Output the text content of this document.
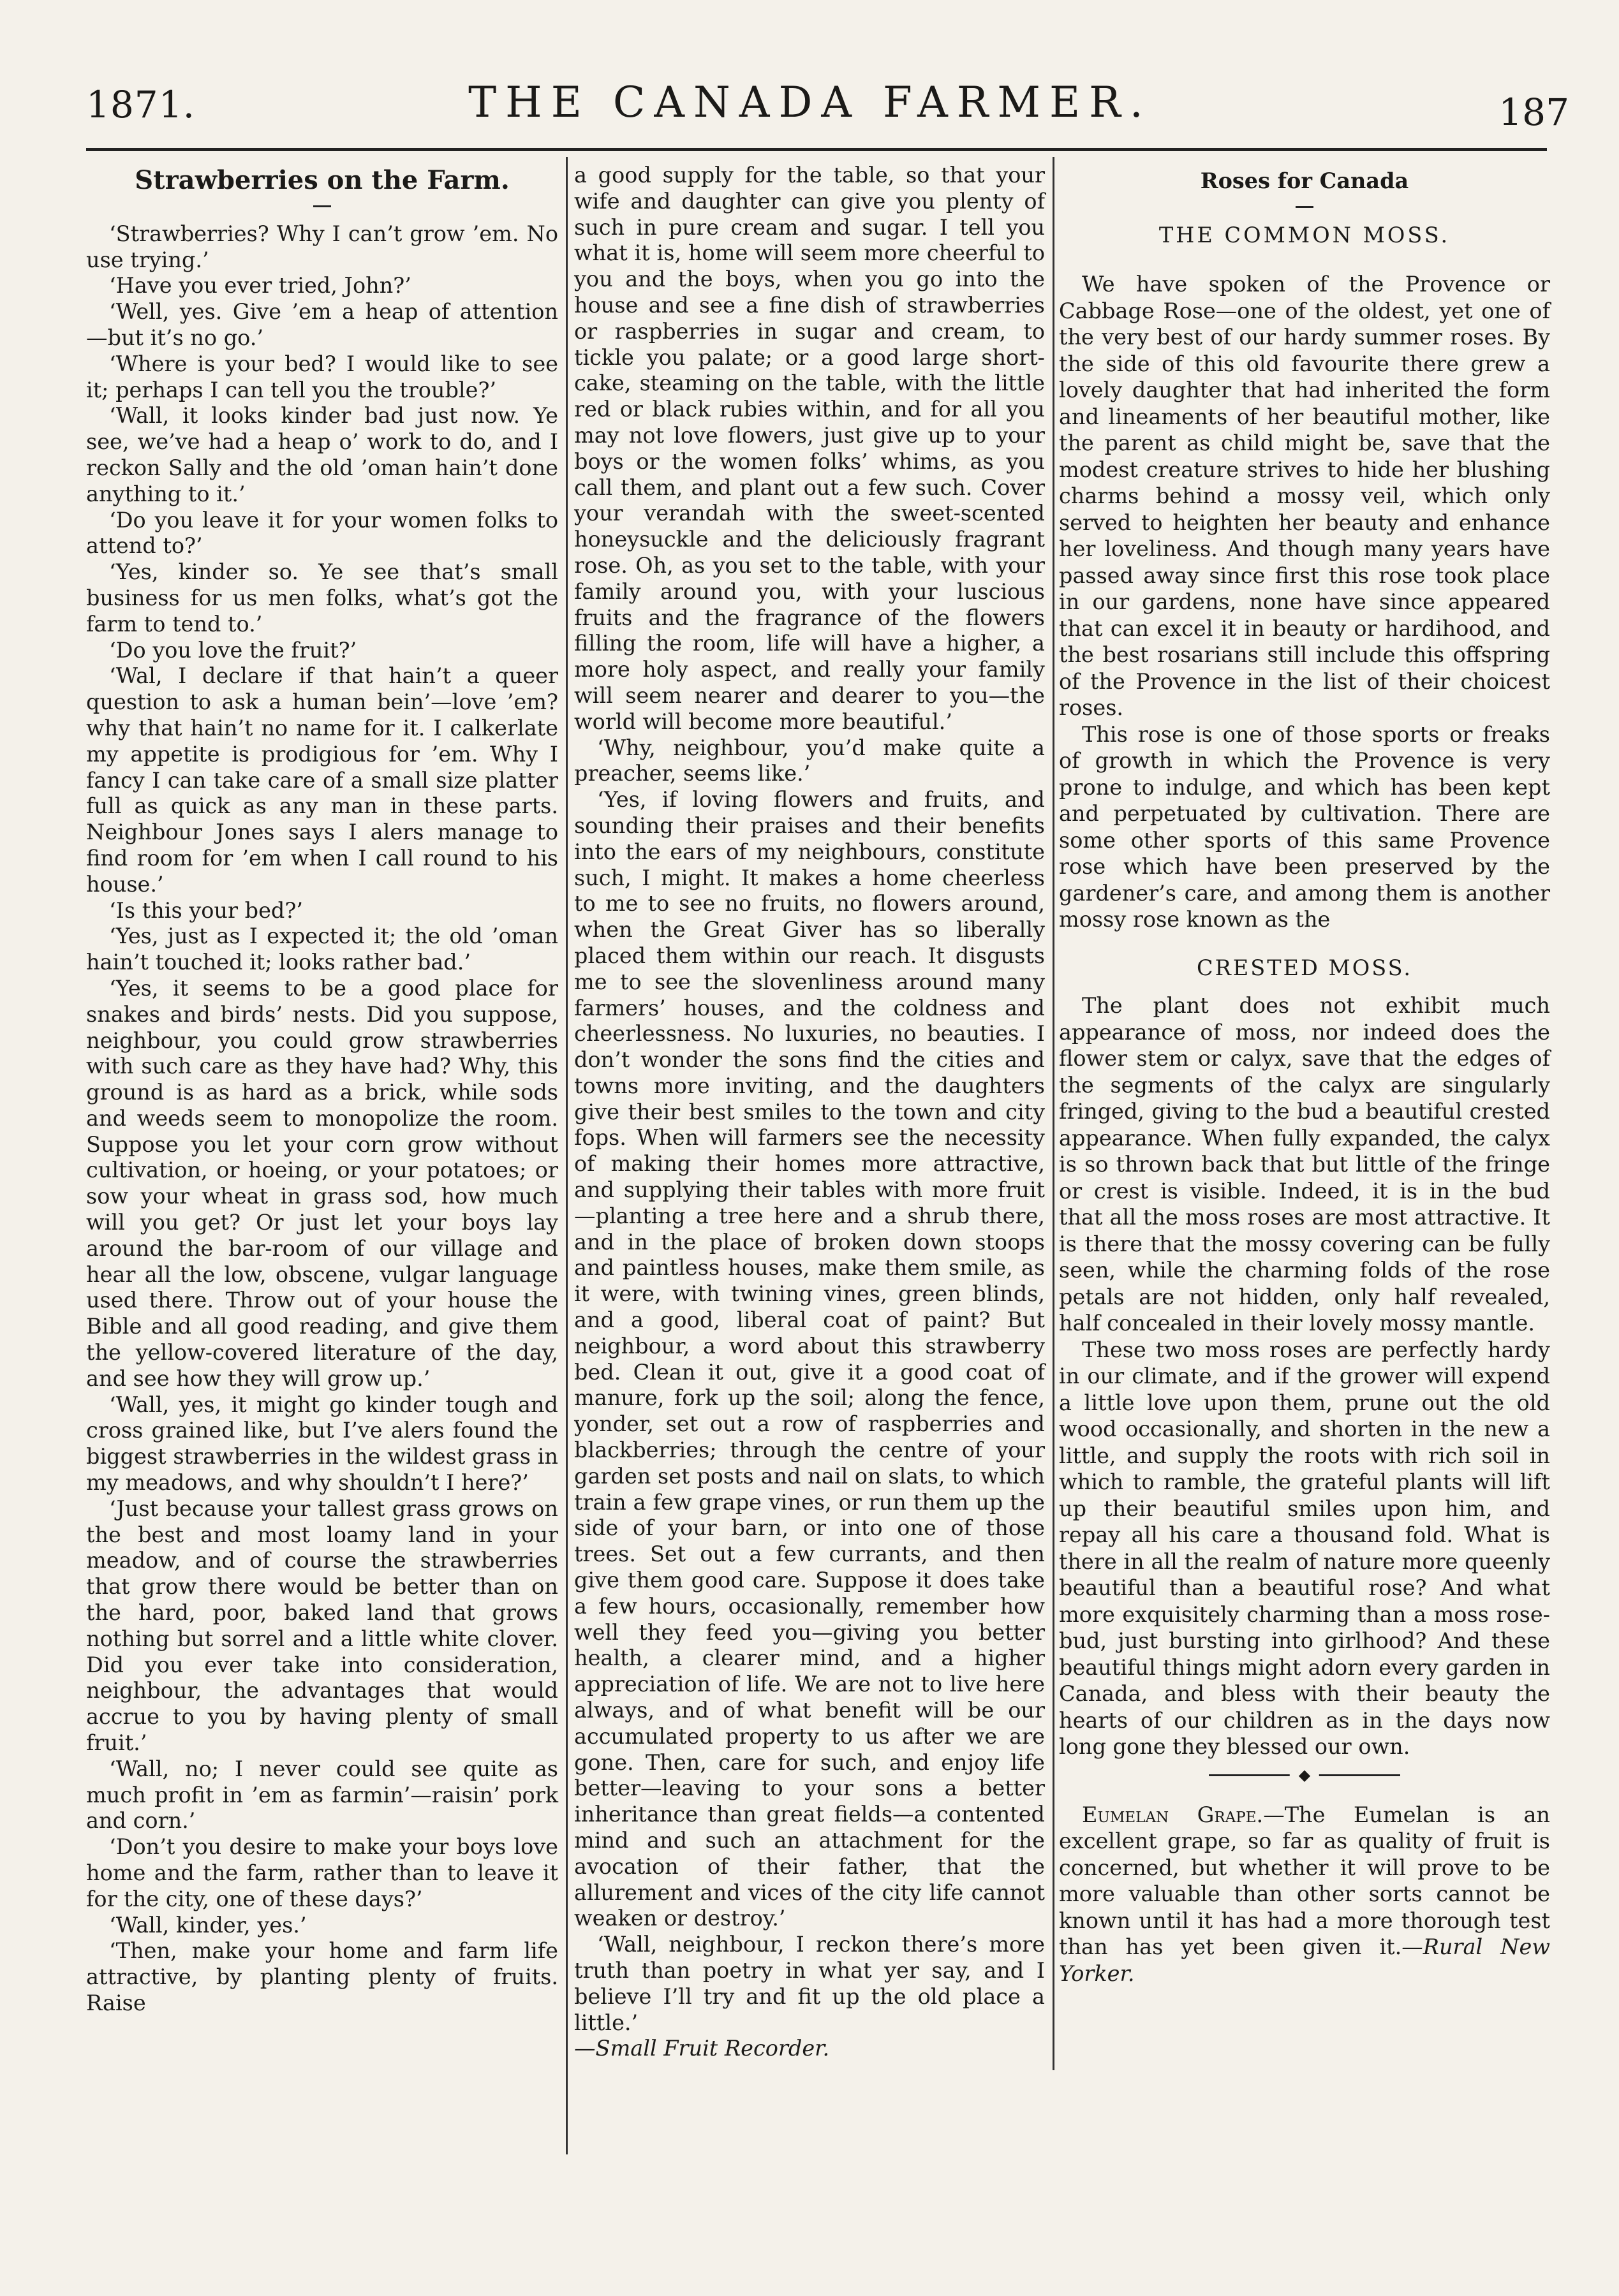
1871.	THE CANADA FARMER.	187

Strawberries on the Farm.

‘Strawberries? Why I can’t grow ’em. No use trying.’

‘Have you ever tried, John?’

‘Well, yes. Give ’em a heap of attention —but it’s no go.’

‘Where is your bed? I would like to see it; perhaps I can tell you the trouble?’

‘Wall, it looks kinder bad just now. Ye see, we’ve had a heap o’ work to do, and I reckon Sally and the old ’oman hain’t done anything to it.’

‘Do you leave it for your women folks to attend to?’

‘Yes, kinder so. Ye see that’s small business for us men folks, what’s got the farm to tend to.’

‘Do you love the fruit?’

‘Wal, I declare if that hain’t a queer question to ask a human bein’—love ’em? why that hain’t no name for it. I calkerlate my appetite is prodigious for ’em. Why I fancy I can take care of a small size platter full as quick as any man in these parts. Neighbour Jones says I alers manage to find room for ’em when I call round to his house.’

‘Is this your bed?’

‘Yes, just as I expected it; the old ’oman hain’t touched it; looks rather bad.’

‘Yes, it seems to be a good place for snakes and birds’ nests. Did you suppose, neighbour, you could grow strawberries with such care as they have had? Why, this ground is as hard as a brick, while sods and weeds seem to monopolize the room. Suppose you let your corn grow without cultivation, or hoeing, or your potatoes; or sow your wheat in grass sod, how much will you get? Or just let your boys lay around the bar-room of our village and hear all the low, obscene, vulgar language used there. Throw out of your house the Bible and all good reading, and give them the yellow-covered literature of the day, and see how they will grow up.’

‘Wall, yes, it might go kinder tough and cross grained like, but I’ve alers found the biggest strawberries in the wildest grass in my meadows, and why shouldn’t I here?’

‘Just because your tallest grass grows on the best and most loamy land in your meadow, and of course the strawberries that grow there would be better than on the hard, poor, baked land that grows nothing but sorrel and a little white clover. Did you ever take into consideration, neighbour, the advantages that would accrue to you by having plenty of small fruit.’

‘Wall, no; I never could see quite as much profit in ’em as farmin’—raisin’ pork and corn.’

‘Don’t you desire to make your boys love home and the farm, rather than to leave it for the city, one of these days?’

‘Wall, kinder, yes.’

‘Then, make your home and farm life attractive, by planting plenty of fruits. Raise

a good supply for the table, so that your wife and daughter can give you plenty of such in pure cream and sugar. I tell you what it is, home will seem more cheerful to you and the boys, when you go into the house and see a fine dish of strawberries or raspberries in sugar and cream, to tickle you palate; or a good large short-cake, steaming on the table, with the little red or black rubies within, and for all you may not love flowers, just give up to your boys or the women folks’ whims, as you call them, and plant out a few such. Cover your verandah with the sweet-scented honeysuckle and the deliciously fragrant rose. Oh, as you set to the table, with your family around you, with your luscious fruits and the fragrance of the flowers filling the room, life will have a higher, a more holy aspect, and really your family will seem nearer and dearer to you—the world will become more beautiful.’

‘Why, neighbour, you’d make quite a preacher, seems like.’

‘Yes, if loving flowers and fruits, and sounding their praises and their benefits into the ears of my neighbours, constitute such, I might. It makes a home cheerless to me to see no fruits, no flowers around, when the Great Giver has so liberally placed them within our reach. It disgusts me to see the slovenliness around many farmers’ houses, and the coldness and cheerlessness. No luxuries, no beauties. I don’t wonder the sons find the cities and towns more inviting, and the daughters give their best smiles to the town and city fops. When will farmers see the necessity of making their homes more attractive, and supplying their tables with more fruit—planting a tree here and a shrub there, and in the place of broken down stoops and paintless houses, make them smile, as it were, with twining vines, green blinds, and a good, liberal coat of paint? But neighbour, a word about this strawberry bed. Clean it out, give it a good coat of manure, fork up the soil; along the fence, yonder, set out a row of raspberries and blackberries; through the centre of your garden set posts and nail on slats, to which train a few grape vines, or run them up the side of your barn, or into one of those trees. Set out a few currants, and then give them good care. Suppose it does take a few hours, occasionally, remember how well they feed you—giving you better health, a clearer mind, and a higher appreciation of life. We are not to live here always, and of what benefit will be our accumulated property to us after we are gone. Then, care for such, and enjoy life better—leaving to your sons a better inheritance than great fields—a contented mind and such an attachment for the avocation of their father, that the allurement and vices of the city life cannot weaken or destroy.’

‘Wall, neighbour, I reckon there’s more truth than poetry in what yer say, and I believe I’ll try and fit up the old place a little.’

—Small Fruit Recorder.

Roses for Canada

THE COMMON MOSS.

We have spoken of the Provence or Cabbage Rose—one of the oldest, yet one of the very best of our hardy summer roses. By the side of this old favourite there grew a lovely daughter that had inherited the form and lineaments of her beautiful mother, like the parent as child might be, save that the modest creature strives to hide her blushing charms behind a mossy veil, which only served to heighten her beauty and enhance her loveliness. And though many years have passed away since first this rose took place in our gardens, none have since appeared that can excel it in beauty or hardihood, and the best rosarians still include this offspring of the Provence in the list of their choicest roses.

This rose is one of those sports or freaks of growth in which the Provence is very prone to indulge, and which has been kept and perpetuated by cultivation. There are some other sports of this same Provence rose which have been preserved by the gardener’s care, and among them is another mossy rose known as the

CRESTED MOSS.

The plant does not exhibit much appearance of moss, nor indeed does the flower stem or calyx, save that the edges of the segments of the calyx are singularly fringed, giving to the bud a beautiful crested appearance. When fully expanded, the calyx is so thrown back that but little of the fringe or crest is visible. Indeed, it is in the bud that all the moss roses are most attractive. It is there that the mossy covering can be fully seen, while the charming folds of the rose petals are not hidden, only half revealed, half concealed in their lovely mossy mantle.

These two moss roses are perfectly hardy in our climate, and if the grower will expend a little love upon them, prune out the old wood occasionally, and shorten in the new a little, and supply the roots with rich soil in which to ramble, the grateful plants will lift up their beautiful smiles upon him, and repay all his care a thousand fold. What is there in all the realm of nature more queenly beautiful than a beautiful rose? And what more exquisitely charming than a moss rose-bud, just bursting into girlhood? And these beautiful things might adorn every garden in Canada, and bless with their beauty the hearts of our children as in the days now long gone they blessed our own.

◆

Eumelan Grape.—The Eumelan is an excellent grape, so far as quality of fruit is concerned, but whether it will prove to be more valuable than other sorts cannot be known until it has had a more thorough test than has yet been given it.—Rural New Yorker.
